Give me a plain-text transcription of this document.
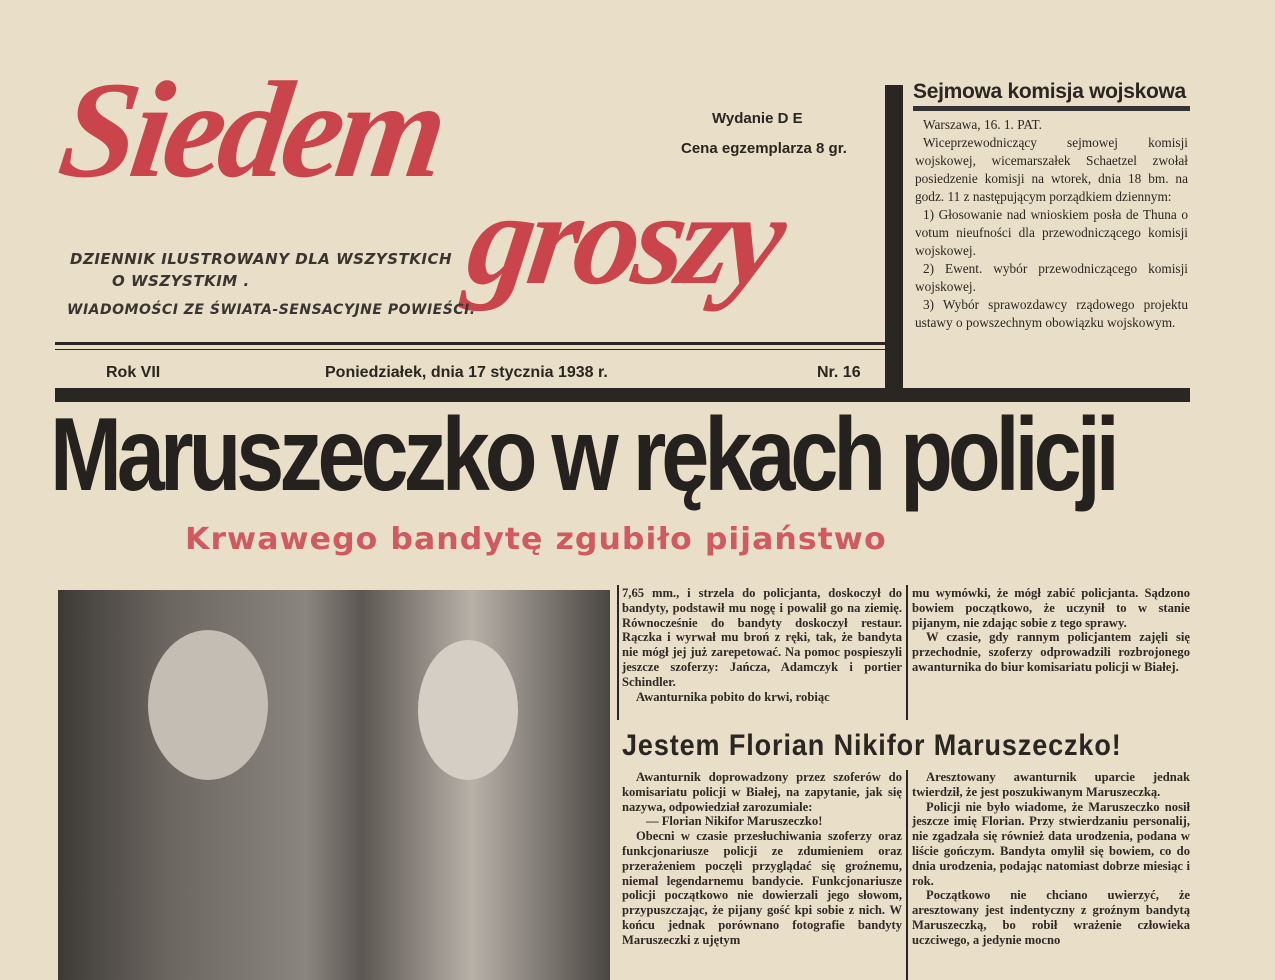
Siedem
groszy
DZIENNIK ILUSTROWANY DLA WSZYSTKICH
O WSZYSTKIM .
WIADOMOŚCI ZE ŚWIATA-SENSACYJNE POWIEŚCI.
Wydanie D E
Cena egzemplarza 8 gr.
Rok VII	Poniedziałek, dnia 17 stycznia 1938 r.	Nr. 16
Sejmowa komisja wojskowa

Warszawa, 16. 1. PAT.

Wiceprzewodniczący sejmowej komisji wojskowej, wicemarszałek Schaetzel zwołał posiedzenie komisji na wtorek, dnia 18 bm. na godz. 11 z następującym porządkiem dziennym:

1) Głosowanie nad wnioskiem posła de Thuna o votum nieufności dla przewodniczącego komisji wojskowej.

2) Ewent. wybór przewodniczącego komisji wojskowej.

3) Wybór sprawozdawcy rządowego projektu ustawy o powszechnym obowiązku wojskowym.

Maruszeczko w rękach policji
Krwawego bandytę zgubiło pijaństwo

7,65 mm., i strzela do policjanta, doskoczył do bandyty, podstawił mu nogę i powalił go na ziemię. Równocześnie do bandyty doskoczył restaur. Rączka i wyrwał mu broń z ręki, tak, że bandyta nie mógł jej już zarepetować. Na pomoc pospieszyli jeszcze szoferzy: Jańcza, Adamczyk i portier Schindler.

Awanturnika pobito do krwi, robiąc

mu wymówki, że mógł zabić policjanta. Sądzono bowiem początkowo, że uczynił to w stanie pijanym, nie zdając sobie z tego sprawy.

W czasie, gdy rannym policjantem zajęli się przechodnie, szoferzy odprowadzili rozbrojonego awanturnika do biur komisariatu policji w Białej.

Jestem Florian Nikifor Maruszeczko!

Awanturnik doprowadzony przez szoferów do komisariatu policji w Białej, na zapytanie, jak się nazywa, odpowiedział zarozumiale:

— Florian Nikifor Maruszeczko!

Obecni w czasie przesłuchiwania szoferzy oraz funkcjonariusze policji ze zdumieniem oraz przerażeniem poczęli przyglądać się groźnemu, niemal legendarnemu bandycie. Funkcjonariusze policji początkowo nie dowierzali jego słowom, przypuszczając, że pijany gość kpi sobie z nich. W końcu jednak porównano fotografie bandyty Maruszeczki z ujętym

Aresztowany awanturnik uparcie jednak twierdził, że jest poszukiwanym Maruszeczką.

Policji nie było wiadome, że Maruszeczko nosił jeszcze imię Florian. Przy stwierdzaniu personalij, nie zgadzała się również data urodzenia, podana w liście gończym. Bandyta omylił się bowiem, co do dnia urodzenia, podając natomiast dobrze miesiąc i rok.

Początkowo nie chciano uwierzyć, że aresztowany jest indentyczny z groźnym bandytą Maruszeczką, bo robił wrażenie człowieka uczciwego, a jedynie mocno
